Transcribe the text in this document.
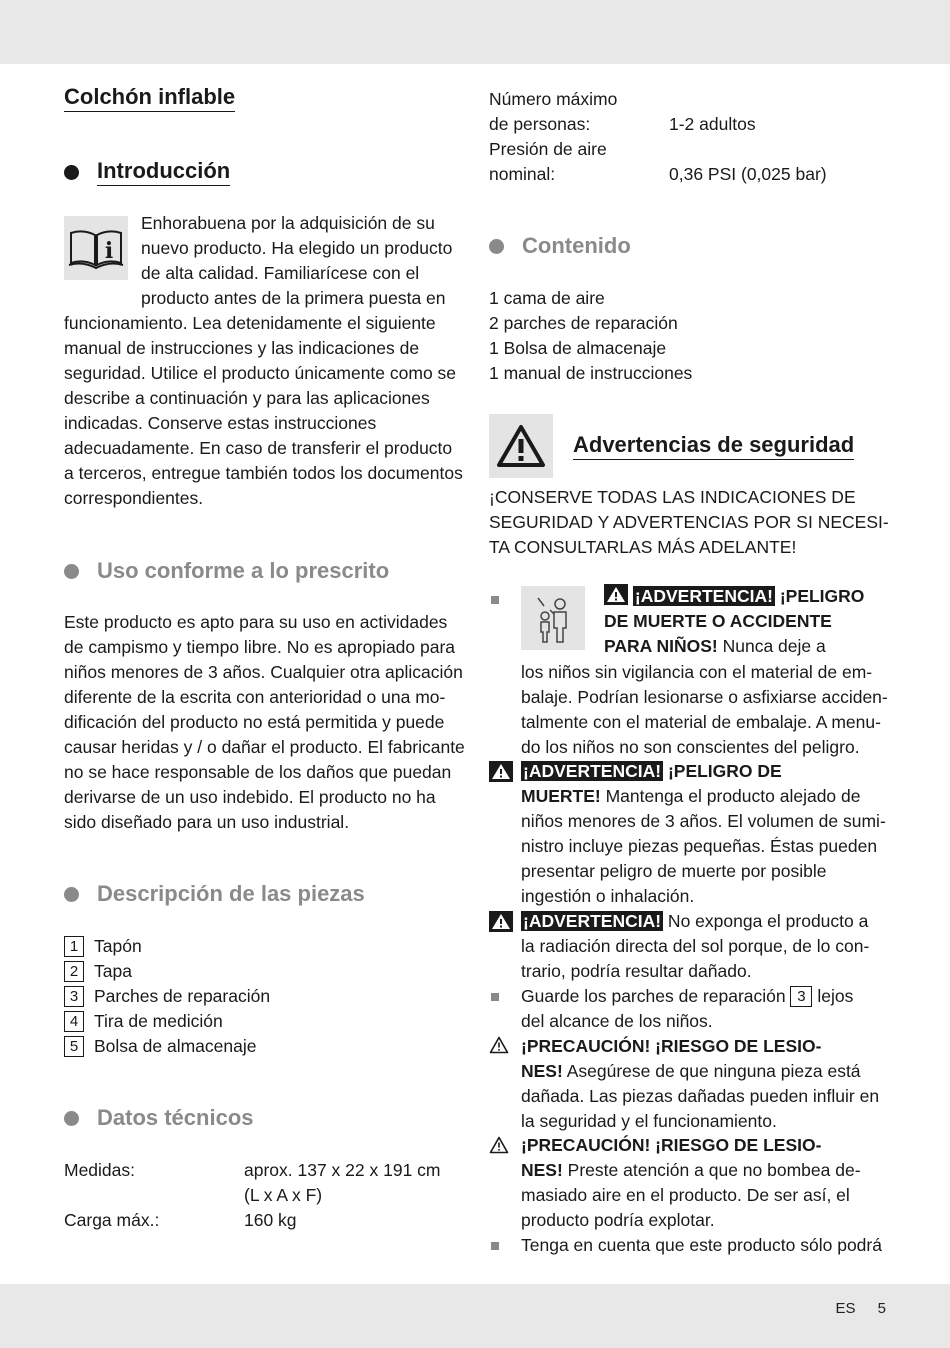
ES 5
Colchón inflable
Introducción
i
Enhorabuena por la adquisición de su
nuevo producto. Ha elegido un producto
de alta calidad. Familiarícese con el
producto antes de la primera puesta en
funcionamiento. Lea detenidamente el siguiente
manual de instrucciones y las indicaciones de
seguridad. Utilice el producto únicamente como se
describe a continuación y para las aplicaciones
indicadas. Conserve estas instrucciones
adecuadamente. En caso de transferir el producto
a terceros, entregue también todos los documentos
correspondientes.
Uso conforme a lo prescrito
Este producto es apto para su uso en actividades
de campismo y tiempo libre. No es apropiado para
niños menores de 3 años. Cualquier otra aplicación
diferente de la escrita con anterioridad o una mo-
dificación del producto no está permitida y puede
causar heridas y / o dañar el producto. El fabricante
no se hace responsable de los daños que puedan
derivarse de un uso indebido. El producto no ha
sido diseñado para un uso industrial.
Descripción de las piezas
1 Tapón
2 Tapa
3 Parches de reparación
4 Tira de medición
5 Bolsa de almacenaje
Datos técnicos
Medidas:	aprox. 137 x 22 x 191 cm
(L x A x F)
Carga máx.:	160 kg
Número máximo
de personas:	1-2 adultos
Presión de aire
nominal:	0,36 PSI (0,025 bar)
Contenido
1 cama de aire
2 parches de reparación
1 Bolsa de almacenaje
1 manual de instrucciones
Advertencias de seguridad
¡CONSERVE TODAS LAS INDICACIONES DE
SEGURIDAD Y ADVERTENCIAS POR SI NECESI-
TA CONSULTARLAS MÁS ADELANTE!
¡ADVERTENCIA! ¡PELIGRO
DE MUERTE O ACCIDENTE
PARA NIÑOS! Nunca deje a
los niños sin vigilancia con el material de em-
balaje. Podrían lesionarse o asfixiarse acciden-
talmente con el material de embalaje. A menu-
do los niños no son conscientes del peligro.
¡ADVERTENCIA! ¡PELIGRO DE
MUERTE! Mantenga el producto alejado de
niños menores de 3 años. El volumen de sumi-
nistro incluye piezas pequeñas. Éstas pueden
presentar peligro de muerte por posible
ingestión o inhalación.
¡ADVERTENCIA! No exponga el producto a
la radiación directa del sol porque, de lo con-
trario, podría resultar dañado.
Guarde los parches de reparación 3 lejos
del alcance de los niños.
¡PRECAUCIÓN! ¡RIESGO DE LESIO-
NES! Asegúrese de que ninguna pieza está
dañada. Las piezas dañadas pueden influir en
la seguridad y el funcionamiento.
¡PRECAUCIÓN! ¡RIESGO DE LESIO-
NES! Preste atención a que no bombea de-
masiado aire en el producto. De ser así, el
producto podría explotar.
Tenga en cuenta que este producto sólo podrá
